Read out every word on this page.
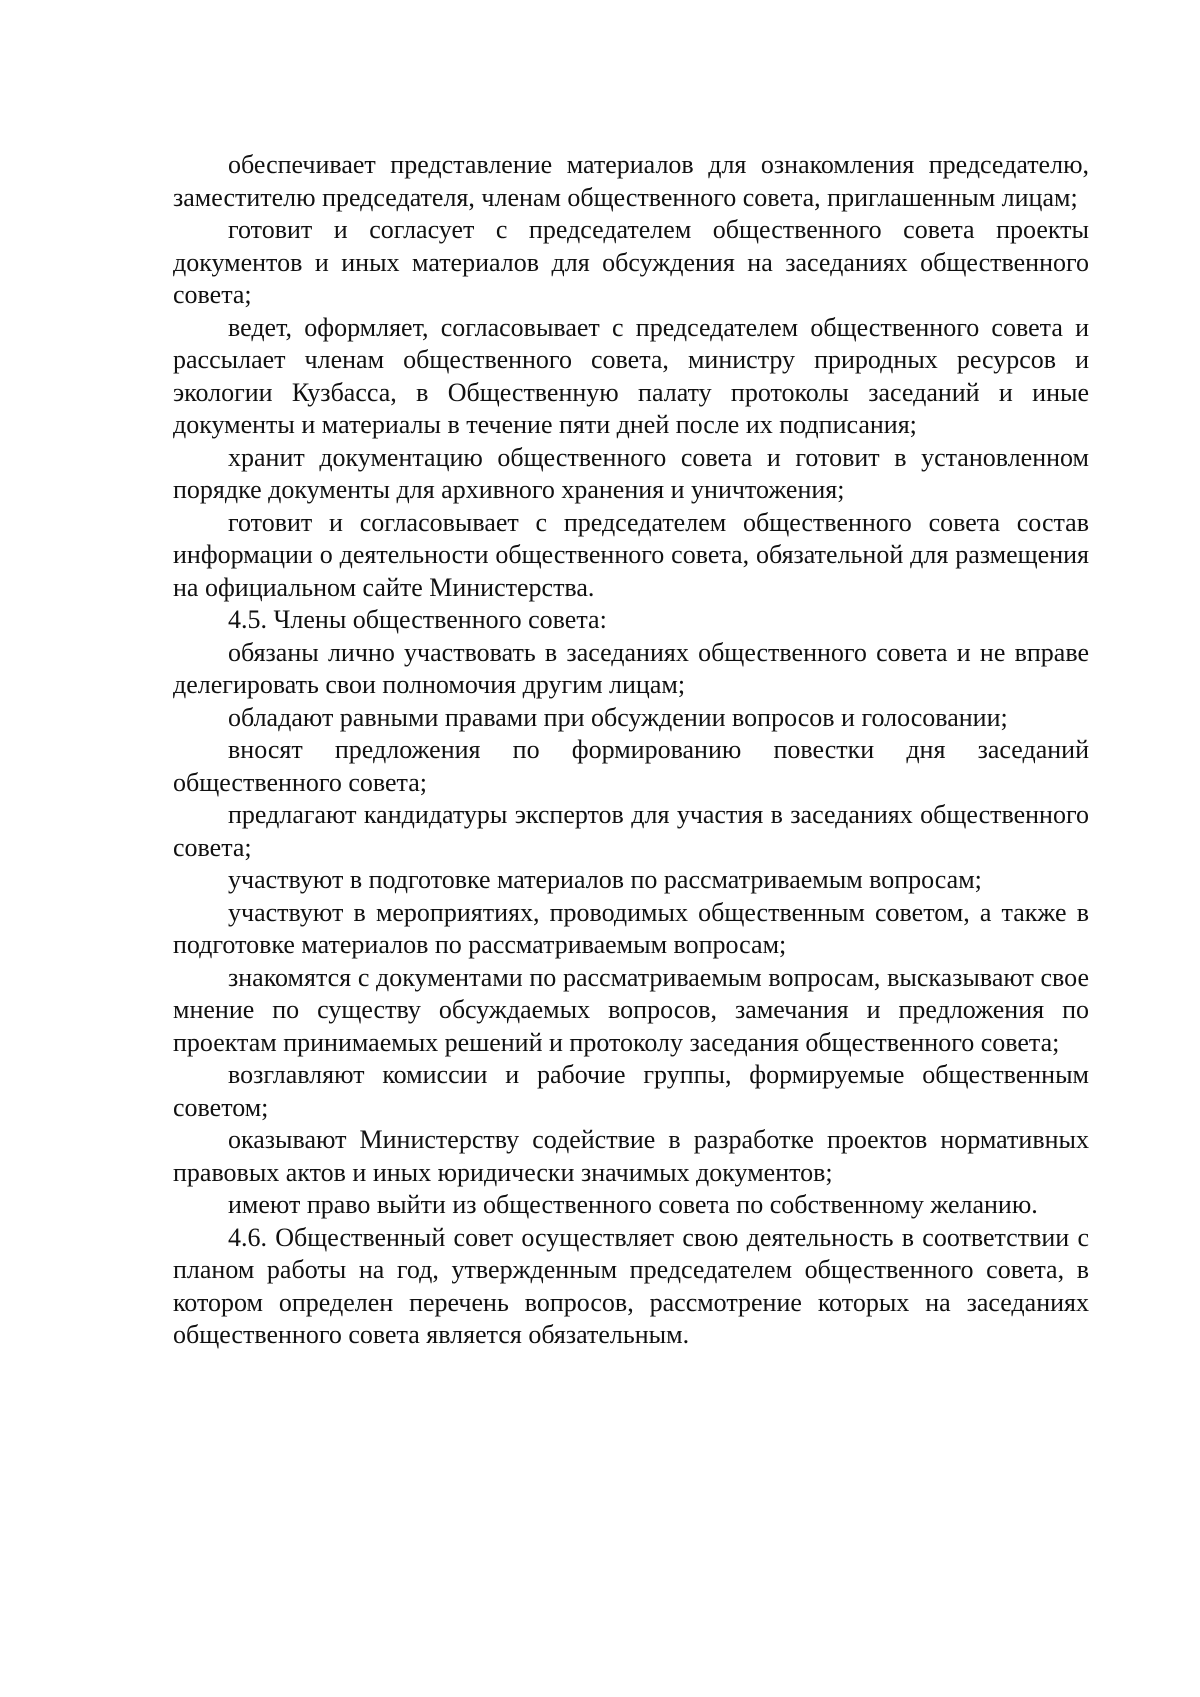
обеспечивает представление материалов для ознакомления председателю, заместителю председателя, членам общественного совета, приглашенным лицам;

готовит и согласует с председателем общественного совета проекты документов и иных материалов для обсуждения на заседаниях общественного совета;

ведет, оформляет, согласовывает с председателем общественного совета и рассылает членам общественного совета, министру природных ресурсов и экологии Кузбасса, в Общественную палату протоколы заседаний и иные документы и материалы в течение пяти дней после их подписания;

хранит документацию общественного совета и готовит в установленном порядке документы для архивного хранения и уничтожения;

готовит и согласовывает с председателем общественного совета состав информации о деятельности общественного совета, обязательной для размещения на официальном сайте Министерства.

4.5. Члены общественного совета:

обязаны лично участвовать в заседаниях общественного совета и не вправе делегировать свои полномочия другим лицам;

обладают равными правами при обсуждении вопросов и голосовании;

вносят предложения по формированию повестки дня заседаний общественного совета;

предлагают кандидатуры экспертов для участия в заседаниях общественного совета;

участвуют в подготовке материалов по рассматриваемым вопросам;

участвуют в мероприятиях, проводимых общественным советом, а также в подготовке материалов по рассматриваемым вопросам;

знакомятся с документами по рассматриваемым вопросам, высказывают свое мнение по существу обсуждаемых вопросов, замечания и предложения по проектам принимаемых решений и протоколу заседания общественного совета;

возглавляют комиссии и рабочие группы, формируемые общественным советом;

оказывают Министерству содействие в разработке проектов нормативных правовых актов и иных юридически значимых документов;

имеют право выйти из общественного совета по собственному желанию.

4.6. Общественный совет осуществляет свою деятельность в соответствии с планом работы на год, утвержденным председателем общественного совета, в котором определен перечень вопросов, рассмотрение которых на заседаниях общественного совета является обязательным.
